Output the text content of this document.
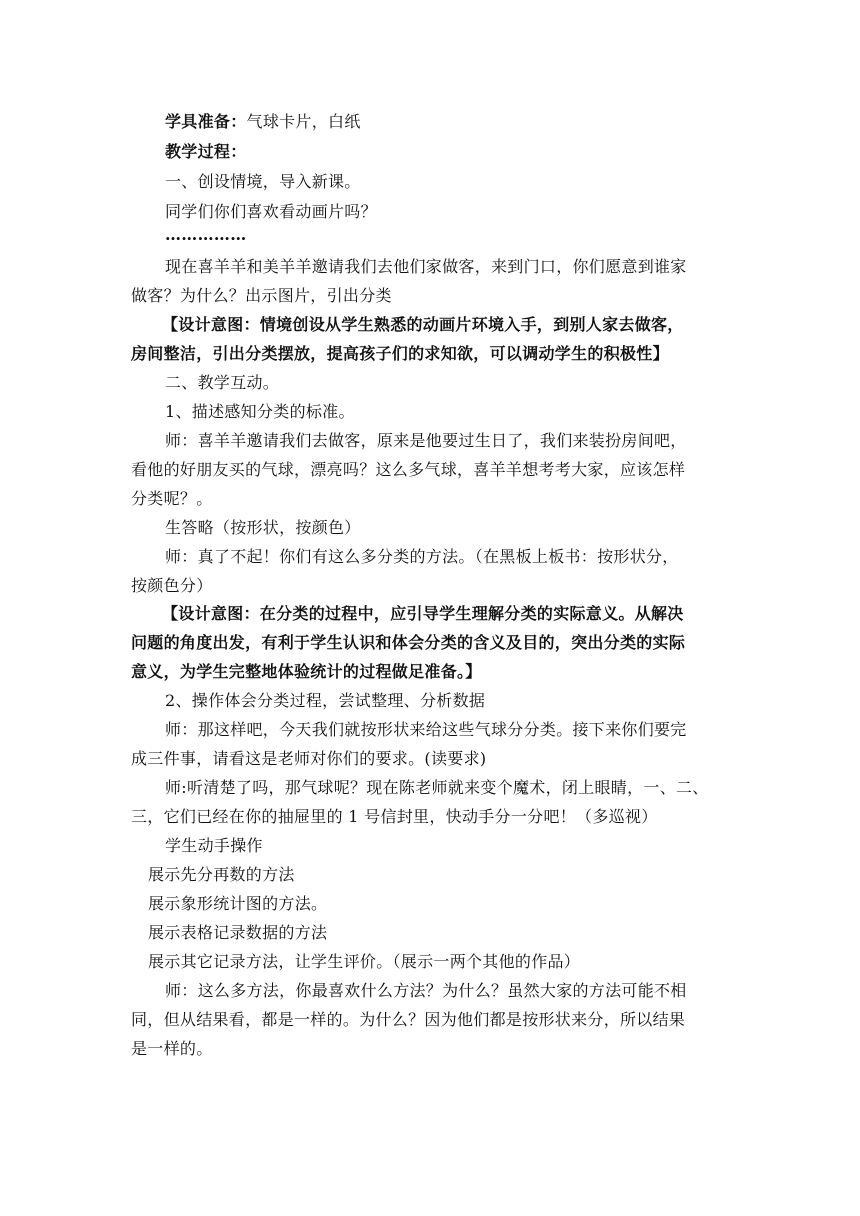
学具准备：气球卡片，白纸
教学过程：
一、创设情境，导入新课。
同学们你们喜欢看动画片吗？
……………
现在喜羊羊和美羊羊邀请我们去他们家做客，来到门口，你们愿意到谁家
做客？为什么？出示图片，引出分类
【设计意图：情境创设从学生熟悉的动画片环境入手，到别人家去做客，
房间整洁，引出分类摆放，提高孩子们的求知欲，可以调动学生的积极性】
二、教学互动。
1、描述感知分类的标准。
师：喜羊羊邀请我们去做客，原来是他要过生日了，我们来装扮房间吧，
看他的好朋友买的气球，漂亮吗？这么多气球，喜羊羊想考考大家，应该怎样
分类呢？。
生答略（按形状，按颜色）
师：真了不起！你们有这么多分类的方法。（在黑板上板书：按形状分，
按颜色分）
【设计意图：在分类的过程中，应引导学生理解分类的实际意义。从解决
问题的角度出发，有利于学生认识和体会分类的含义及目的，突出分类的实际
意义，为学生完整地体验统计的过程做足准备。】
2、操作体会分类过程，尝试整理、分析数据
师：那这样吧，今天我们就按形状来给这些气球分分类。接下来你们要完
成三件事，请看这是老师对你们的要求。(读要求)
师:听清楚了吗，那气球呢？现在陈老师就来变个魔术，闭上眼睛，一、二、
三，它们已经在你的抽屉里的 1 号信封里，快动手分一分吧！（多巡视）
学生动手操作
展示先分再数的方法
展示象形统计图的方法。
展示表格记录数据的方法
展示其它记录方法，让学生评价。（展示一两个其他的作品）
师：这么多方法，你最喜欢什么方法？为什么？虽然大家的方法可能不相
同，但从结果看，都是一样的。为什么？因为他们都是按形状来分，所以结果
是一样的。
